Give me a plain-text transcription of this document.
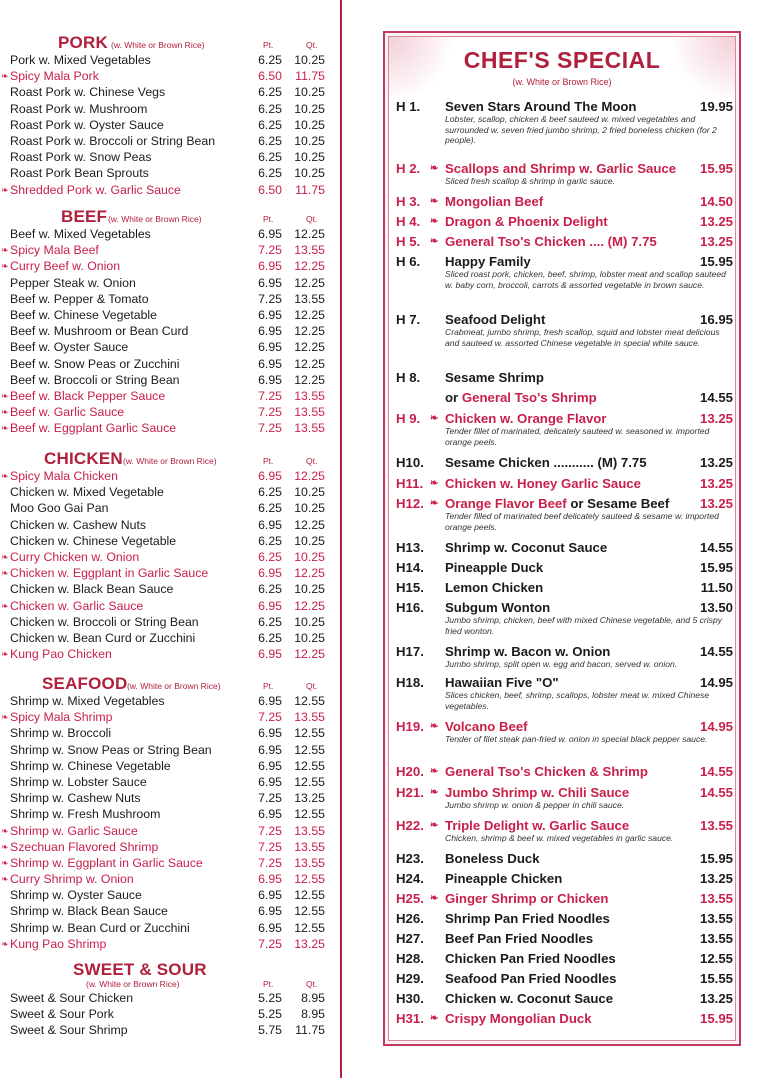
PORK (w. White or Brown Rice)	Pt.	Qt.
Pork w. Mixed Vegetables	6.25 10.25
❧ Spicy Mala Pork	6.50	11.75
Roast Pork w. Chinese Vegs	6.25 10.25
Roast Pork w. Mushroom	6.25 10.25
Roast Pork w. Oyster Sauce	6.25 10.25
Roast Pork w. Broccoli or String Bean	6.25 10.25
Roast Pork w. Snow Peas	6.25 10.25
Roast Pork Bean Sprouts	6.25 10.25
❧ Shredded Pork w. Garlic Sauce	6.50	11.75
BEEF (w. White or Brown Rice)	Pt.	Qt.
Beef w. Mixed Vegetables	6.95 12.25
❧ Spicy Mala Beef	7.25 13.55
❧ Curry Beef w. Onion	6.95 12.25
Pepper Steak w. Onion	6.95 12.25
Beef w. Pepper & Tomato	7.25 13.55
Beef w. Chinese Vegetable	6.95 12.25
Beef w. Mushroom or Bean Curd	6.95 12.25
Beef w. Oyster Sauce	6.95 12.25
Beef w. Snow Peas or Zucchini	6.95 12.25
Beef w. Broccoli or String Bean	6.95 12.25
❧ Beef w. Black Pepper Sauce	7.25 13.55
❧ Beef w. Garlic Sauce	7.25 13.55
❧ Beef w. Eggplant Garlic Sauce	7.25 13.55
CHICKEN (w. White or Brown Rice)	Pt.	Qt.
❧ Spicy Mala Chicken	6.95 12.25
Chicken w. Mixed Vegetable	6.25 10.25
Moo Goo Gai Pan	6.25 10.25
Chicken w. Cashew Nuts	6.95 12.25
Chicken w. Chinese Vegetable	6.25 10.25
❧ Curry Chicken w. Onion	6.25 10.25
❧ Chicken w. Eggplant in Garlic Sauce	6.95 12.25
Chicken w. Black Bean Sauce	6.25 10.25
❧ Chicken w. Garlic Sauce	6.95 12.25
Chicken w. Broccoli or String Bean	6.25 10.25
Chicken w. Bean Curd or Zucchini	6.25 10.25
❧ Kung Pao Chicken	6.95 12.25
SEAFOOD (w. White or Brown Rice)	Pt.	Qt.
Shrimp w. Mixed Vegetables	6.95 12.55
❧ Spicy Mala Shrimp	7.25 13.55
Shrimp w. Broccoli	6.95 12.55
Shrimp w. Snow Peas or String Bean	6.95 12.55
Shrimp w. Chinese Vegetable	6.95 12.55
Shrimp w. Lobster Sauce	6.95 12.55
Shrimp w. Cashew Nuts	7.25 13.25
Shrimp w. Fresh Mushroom	6.95 12.55
❧ Shrimp w. Garlic Sauce	7.25 13.55
❧ Szechuan Flavored Shrimp	7.25 13.55
❧ Shrimp w. Eggplant in Garlic Sauce	7.25 13.55
❧ Curry Shrimp w. Onion	6.95 12.55
Shrimp w. Oyster Sauce	6.95 12.55
Shrimp w. Black Bean Sauce	6.95 12.55
Shrimp w. Bean Curd or Zucchini	6.95 12.55
❧ Kung Pao Shrimp	7.25 13.25
SWEET & SOUR
(w. White or Brown Rice)	Pt.	Qt.
Sweet & Sour Chicken	5.25	8.95
Sweet & Sour Pork	5.25	8.95
Sweet & Sour Shrimp	5.75	11.75
CHEF'S SPECIAL
(w. White or Brown Rice)
H 1.	Seven Stars Around The Moon	19.95
Lobster, scallop, chicken & beef sauteed w. mixed vegetables and surrounded w. seven fried jumbo shrimp, 2 fried boneless chicken (for 2 people).
H 2. ❧ Scallops and Shrimp w. Garlic Sauce	15.95
Sliced fresh scallop & shrimp in garlic sauce.
H 3. ❧ Mongolian Beef	14.50
H 4. ❧ Dragon & Phoenix Delight	13.25
H 5. ❧ General Tso's Chicken .... (M) 7.75	13.25
H 6.	Happy Family	15.95
Sliced roast pork, chicken, beef, shrimp, lobster meat and scallop sauteed w. baby corn, broccoli, carrots & assorted vegetable in brown sauce.
H 7.	Seafood Delight	16.95
Crabmeat, jumbo shrimp, fresh scallop, squid and lobster meat delicious and sauteed w. assorted Chinese vegetable in special white sauce.
H 8.	Sesame Shrimp
or General Tso's Shrimp	14.55
H 9. ❧ Chicken w. Orange Flavor	13.25
Tender fillet of marinated, delicately sauteed w. seasoned w. imported orange peels.
H10.	Sesame Chicken ........... (M) 7.75	13.25
H11. ❧ Chicken w. Honey Garlic Sauce	13.25
H12. ❧ Orange Flavor Beef or Sesame Beef	13.25
Tender filled of marinated beef delicately sauteed & sesame w. imported orange peels.
H13.	Shrimp w. Coconut Sauce	14.55
H14.	Pineapple Duck	15.95
H15.	Lemon Chicken	11.50
H16.	Subgum Wonton	13.50
Jumbo shrimp, chicken, beef with mixed Chinese vegetable, and 5 crispy fried wonton.
H17.	Shrimp w. Bacon w. Onion	14.55
Jumbo shrimp, split open w. egg and bacon, served w. onion.
H18.	Hawaiian Five "O"	14.95
Slices chicken, beef, shrimp, scallops, lobster meat w. mixed Chinese vegetables.
H19. ❧ Volcano Beef	14.95
Tender of filet steak pan-fried w. onion in special black pepper sauce.
H20. ❧ General Tso's Chicken & Shrimp	14.55
H21. ❧ Jumbo Shrimp w. Chili Sauce	14.55
Jumbo shrimp w. onion & pepper in chili sauce.
H22. ❧ Triple Delight w. Garlic Sauce	13.55
Chicken, shrimp & beef w. mixed vegetables in garlic sauce.
H23.	Boneless Duck	15.95
H24.	Pineapple Chicken	13.25
H25. ❧ Ginger Shrimp or Chicken	13.55
H26.	Shrimp Pan Fried Noodles	13.55
H27.	Beef Pan Fried Noodles	13.55
H28.	Chicken Pan Fried Noodles	12.55
H29.	Seafood Pan Fried Noodles	15.55
H30.	Chicken w. Coconut Sauce	13.25
H31. ❧ Crispy Mongolian Duck	15.95
